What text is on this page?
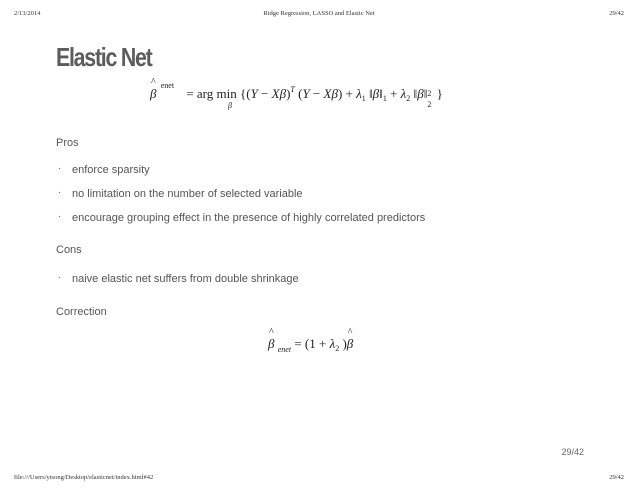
2/13/2014	Ridge Regression, LASSO and Elastic Net	29/42
Elastic Net
β
^ $^{enet}$ = arg min
β
{$(Y - X\beta)^T$ $(Y - X\beta) + \lambda_1$ $‖\beta‖_1 + \lambda_2$ ‖β‖ 2
2
}
Pros
· enforce sparsity
· no limitation on the number of selected variable
· encourage grouping effect in the presence of highly correlated predictors
Cons
· naive elastic net suffers from double shrinkage
Correction
β
^
$_{enet} = (1 + \lambda_2$ )β
^
29/42
file:///Users/ytsong/Desktop/elasticnet/index.html#42	29/42
